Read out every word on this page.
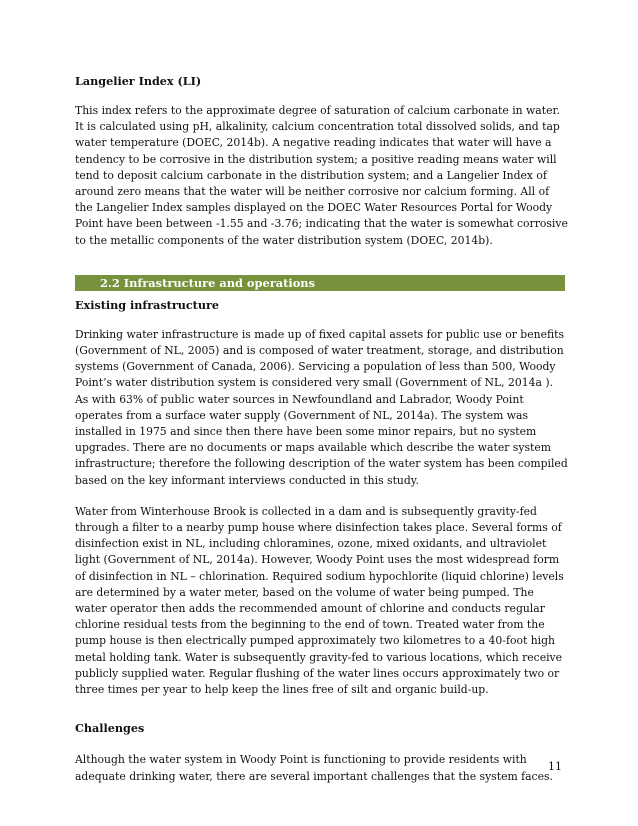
Langelier Index (LI)

This index refers to the approximate degree of saturation of calcium carbonate in water. It is calculated using pH, alkalinity, calcium concentration total dissolved solids, and tap water temperature (DOEC, 2014b). A negative reading indicates that water will have a tendency to be corrosive in the distribution system; a positive reading means water will tend to deposit calcium carbonate in the distribution system; and a Langelier Index of around zero means that the water will be neither corrosive nor calcium forming. All of the Langelier Index samples displayed on the DOEC Water Resources Portal for Woody Point have been between -1.55 and -3.76; indicating that the water is somewhat corrosive to the metallic components of the water distribution system (DOEC, 2014b).

2.2 Infrastructure and operations

Existing infrastructure

Drinking water infrastructure is made up of fixed capital assets for public use or benefits (Government of NL, 2005) and is composed of water treatment, storage, and distribution systems (Government of Canada, 2006). Servicing a population of less than 500, Woody Point’s water distribution system is considered very small (Government of NL, 2014a ). As with 63% of public water sources in Newfoundland and Labrador, Woody Point operates from a surface water supply (Government of NL, 2014a). The system was installed in 1975 and since then there have been some minor repairs, but no system upgrades. There are no documents or maps available which describe the water system infrastructure; therefore the following description of the water system has been compiled based on the key informant interviews conducted in this study.

Water from Winterhouse Brook is collected in a dam and is subsequently gravity-fed through a filter to a nearby pump house where disinfection takes place. Several forms of disinfection exist in NL, including chloramines, ozone, mixed oxidants, and ultraviolet light (Government of NL, 2014a). However, Woody Point uses the most widespread form of disinfection in NL – chlorination. Required sodium hypochlorite (liquid chlorine) levels are determined by a water meter, based on the volume of water being pumped. The water operator then adds the recommended amount of chlorine and conducts regular chlorine residual tests from the beginning to the end of town. Treated water from the pump house is then electrically pumped approximately two kilometres to a 40-foot high metal holding tank. Water is subsequently gravity-fed to various locations, which receive publicly supplied water. Regular flushing of the water lines occurs approximately two or three times per year to help keep the lines free of silt and organic build-up.

Challenges

Although the water system in Woody Point is functioning to provide residents with adequate drinking water, there are several important challenges that the system faces.

11
